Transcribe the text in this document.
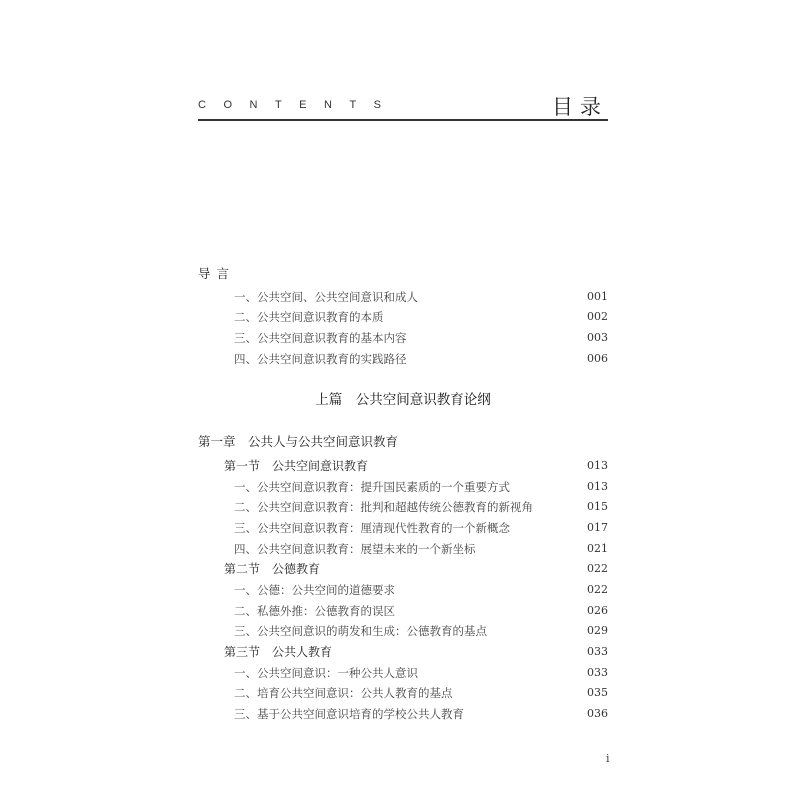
CONTENTS	目录
导言
一、公共空间、公共空间意识和成人	001
二、公共空间意识教育的本质	002
三、公共空间意识教育的基本内容	003
四、公共空间意识教育的实践路径	006
上篇　公共空间意识教育论纲
第一章　公共人与公共空间意识教育
第一节　公共空间意识教育	013
一、公共空间意识教育：提升国民素质的一个重要方式	013
二、公共空间意识教育：批判和超越传统公德教育的新视角	015
三、公共空间意识教育：厘清现代性教育的一个新概念	017
四、公共空间意识教育：展望未来的一个新坐标	021
第二节　公德教育	022
一、公德：公共空间的道德要求	022
二、私德外推：公德教育的误区	026
三、公共空间意识的萌发和生成：公德教育的基点	029
第三节　公共人教育	033
一、公共空间意识：一种公共人意识	033
二、培育公共空间意识：公共人教育的基点	035
三、基于公共空间意识培育的学校公共人教育	036
i
